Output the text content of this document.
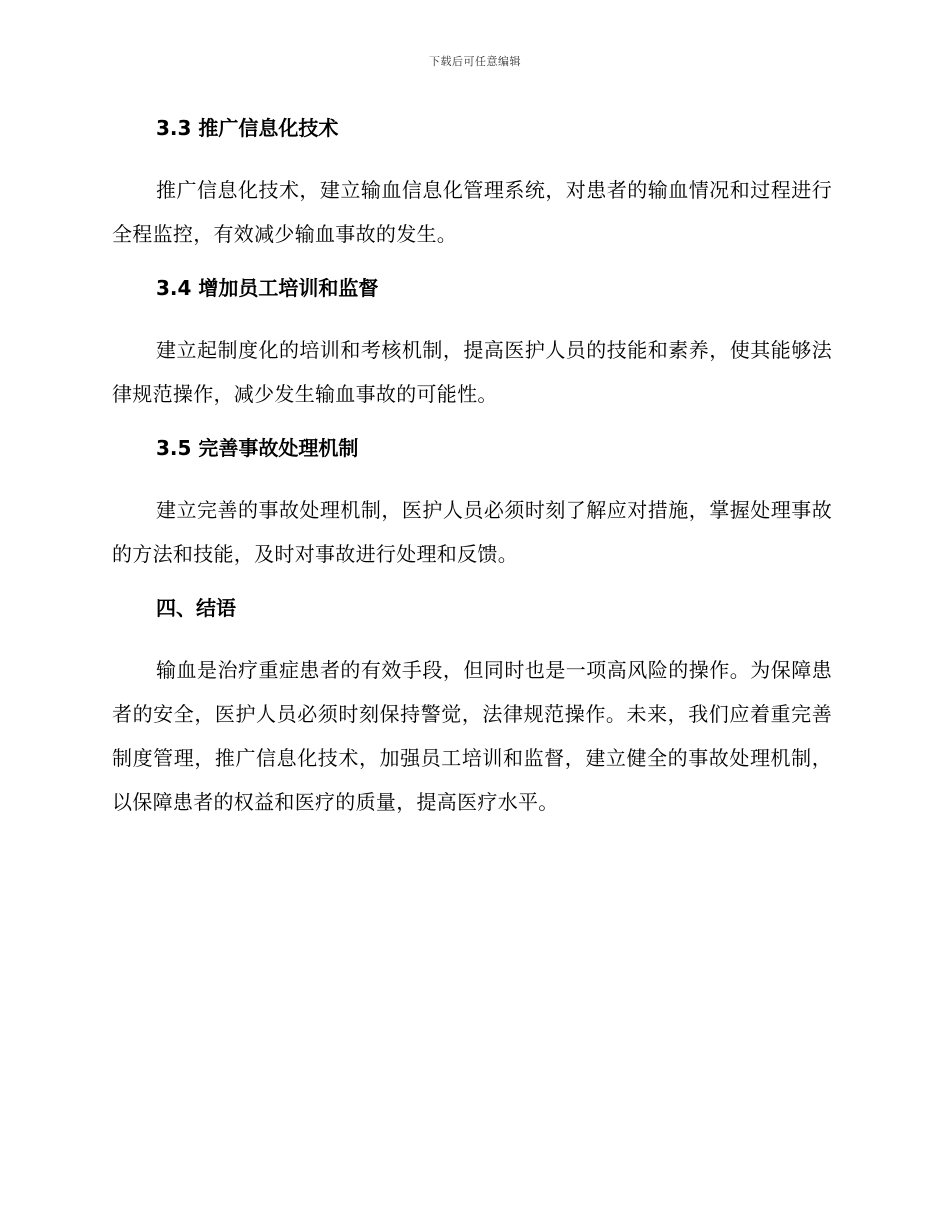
下载后可任意编辑
3.3 推广信息化技术

推广信息化技术，建立输血信息化管理系统，对患者的输血情况和过程进行全程监控，有效减少输血事故的发生。

3.4 增加员工培训和监督

建立起制度化的培训和考核机制，提高医护人员的技能和素养，使其能够法律规范操作，减少发生输血事故的可能性。

3.5 完善事故处理机制

建立完善的事故处理机制，医护人员必须时刻了解应对措施，掌握处理事故的方法和技能，及时对事故进行处理和反馈。

四、结语

输血是治疗重症患者的有效手段，但同时也是一项高风险的操作。为保障患者的安全，医护人员必须时刻保持警觉，法律规范操作。未来，我们应着重完善制度管理，推广信息化技术，加强员工培训和监督，建立健全的事故处理机制，以保障患者的权益和医疗的质量，提高医疗水平。
